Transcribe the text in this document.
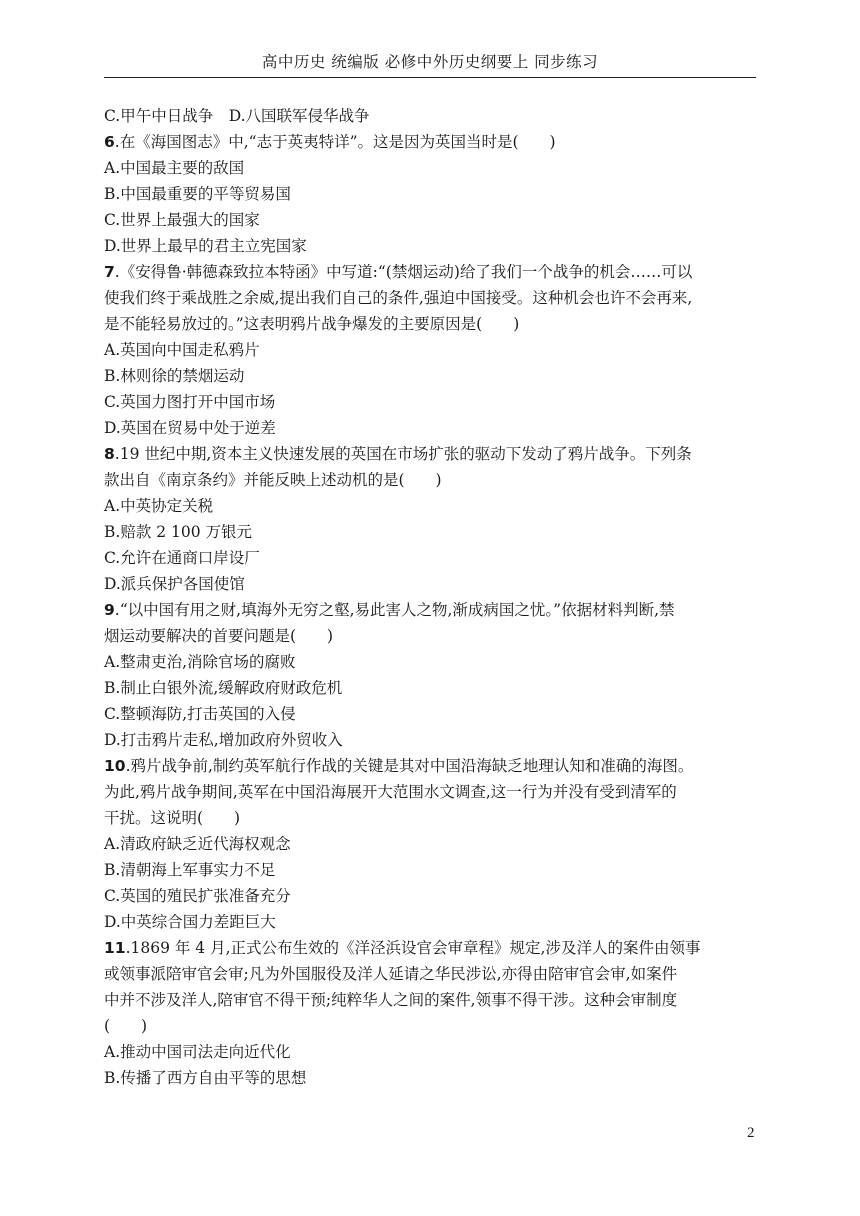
高中历史 统编版 必修中外历史纲要上 同步练习
C.甲午中日战争　D.八国联军侵华战争
6.在《海国图志》中,“志于英夷特详”。这是因为英国当时是(　　)
A.中国最主要的敌国
B.中国最重要的平等贸易国
C.世界上最强大的国家
D.世界上最早的君主立宪国家
7.《安得鲁·韩德森致拉本特函》中写道:“(禁烟运动)给了我们一个战争的机会……可以
使我们终于乘战胜之余威,提出我们自己的条件,强迫中国接受。这种机会也许不会再来,
是不能轻易放过的。”这表明鸦片战争爆发的主要原因是(　　)
A.英国向中国走私鸦片
B.林则徐的禁烟运动
C.英国力图打开中国市场
D.英国在贸易中处于逆差
8.19 世纪中期,资本主义快速发展的英国在市场扩张的驱动下发动了鸦片战争。下列条
款出自《南京条约》并能反映上述动机的是(　　)
A.中英协定关税
B.赔款 2 100 万银元
C.允许在通商口岸设厂
D.派兵保护各国使馆
9.“以中国有用之财,填海外无穷之壑,易此害人之物,渐成病国之忧。”依据材料判断,禁
烟运动要解决的首要问题是(　　)
A.整肃吏治,消除官场的腐败
B.制止白银外流,缓解政府财政危机
C.整顿海防,打击英国的入侵
D.打击鸦片走私,增加政府外贸收入
10.鸦片战争前,制约英军航行作战的关键是其对中国沿海缺乏地理认知和准确的海图。
为此,鸦片战争期间,英军在中国沿海展开大范围水文调查,这一行为并没有受到清军的
干扰。这说明(　　)
A.清政府缺乏近代海权观念
B.清朝海上军事实力不足
C.英国的殖民扩张准备充分
D.中英综合国力差距巨大
11.1869 年 4 月,正式公布生效的《洋泾浜设官会审章程》规定,涉及洋人的案件由领事
或领事派陪审官会审;凡为外国服役及洋人延请之华民涉讼,亦得由陪审官会审,如案件
中并不涉及洋人,陪审官不得干预;纯粹华人之间的案件,领事不得干涉。这种会审制度
(　　)
A.推动中国司法走向近代化
B.传播了西方自由平等的思想
2
